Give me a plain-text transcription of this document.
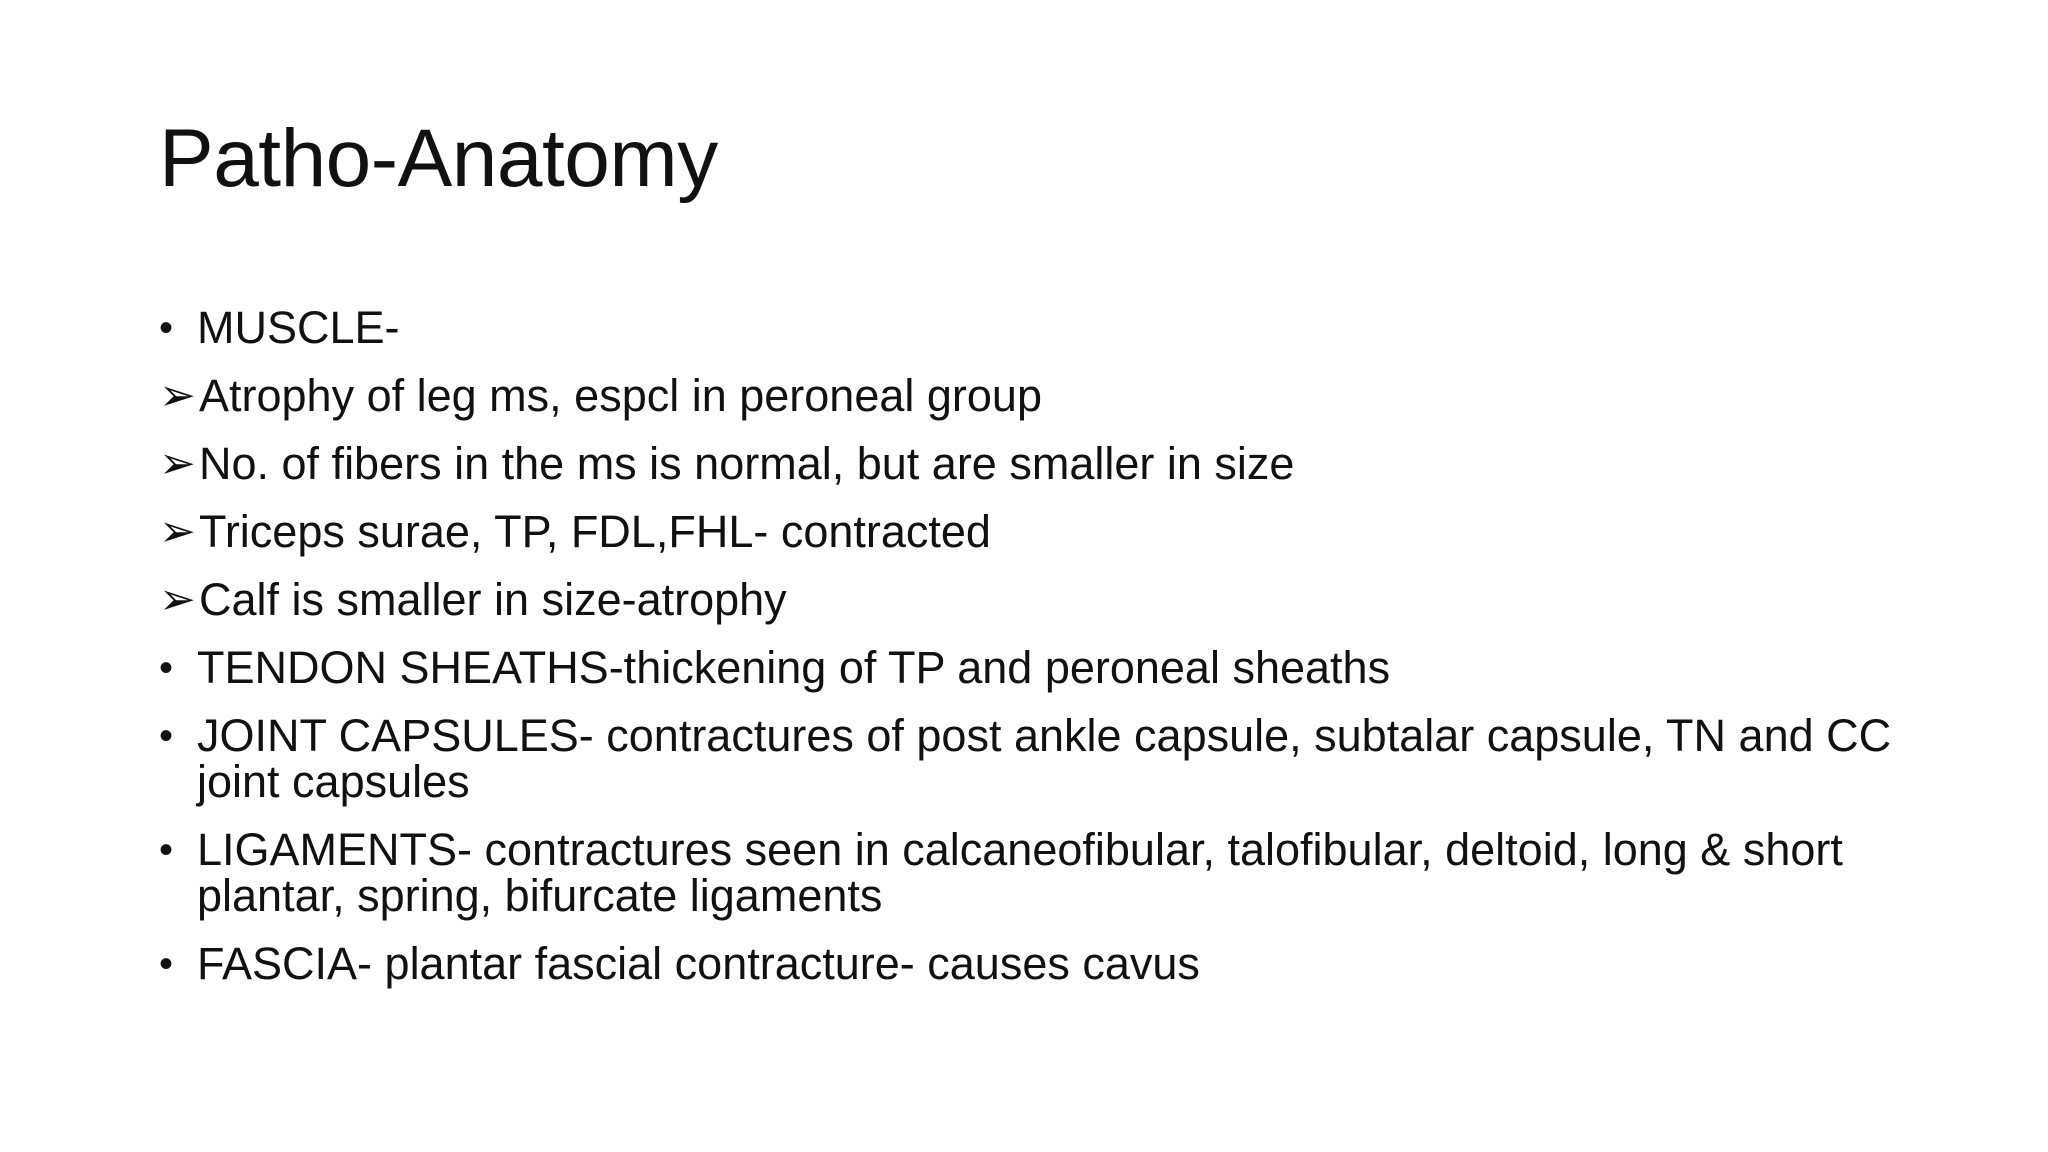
Patho-Anatomy
• MUSCLE-
➢ Atrophy of leg ms, espcl in peroneal group
➢ No. of fibers in the ms is normal, but are smaller in size
➢ Triceps surae, TP, FDL,FHL- contracted
➢ Calf is smaller in size-atrophy
• TENDON SHEATHS-thickening of TP and peroneal sheaths
• JOINT CAPSULES- contractures of post ankle capsule, subtalar capsule, TN and CC joint capsules
• LIGAMENTS- contractures seen in calcaneofibular, talofibular, deltoid, long & short plantar, spring, bifurcate ligaments
• FASCIA- plantar fascial contracture- causes cavus
